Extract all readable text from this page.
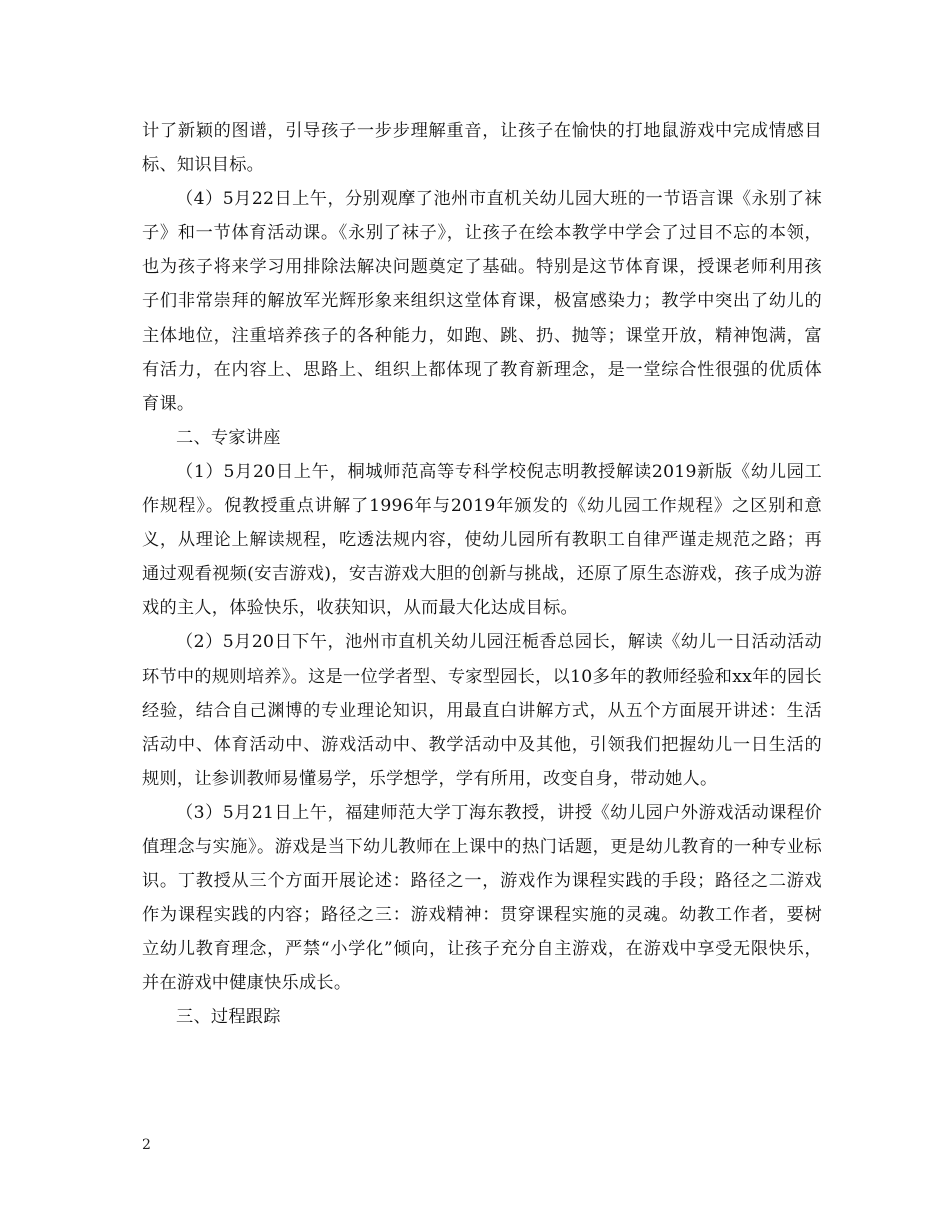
计了新颖的图谱，引导孩子一步步理解重音，让孩子在愉快的打地鼠游戏中完成情感目标、知识目标。

（4）5月22日上午，分别观摩了池州市直机关幼儿园大班的一节语言课《永别了袜子》和一节体育活动课。《永别了袜子》，让孩子在绘本教学中学会了过目不忘的本领，也为孩子将来学习用排除法解决问题奠定了基础。特别是这节体育课，授课老师利用孩子们非常崇拜的解放军光辉形象来组织这堂体育课，极富感染力；教学中突出了幼儿的主体地位，注重培养孩子的各种能力，如跑、跳、扔、抛等；课堂开放，精神饱满，富有活力，在内容上、思路上、组织上都体现了教育新理念，是一堂综合性很强的优质体育课。

二、专家讲座

（1）5月20日上午，桐城师范高等专科学校倪志明教授解读2019新版《幼儿园工作规程》。倪教授重点讲解了1996年与2019年颁发的《幼儿园工作规程》之区别和意义，从理论上解读规程，吃透法规内容，使幼儿园所有教职工自律严谨走规范之路；再通过观看视频(安吉游戏)，安吉游戏大胆的创新与挑战，还原了原生态游戏，孩子成为游戏的主人，体验快乐，收获知识，从而最大化达成目标。

（2）5月20日下午，池州市直机关幼儿园汪栀香总园长，解读《幼儿一日活动活动环节中的规则培养》。这是一位学者型、专家型园长，以10多年的教师经验和xx年的园长经验，结合自己渊博的专业理论知识，用最直白讲解方式，从五个方面展开讲述：生活活动中、体育活动中、游戏活动中、教学活动中及其他，引领我们把握幼儿一日生活的规则，让参训教师易懂易学，乐学想学，学有所用，改变自身，带动她人。

（3）5月21日上午，福建师范大学丁海东教授，讲授《幼儿园户外游戏活动课程价值理念与实施》。游戏是当下幼儿教师在上课中的热门话题，更是幼儿教育的一种专业标识。丁教授从三个方面开展论述：路径之一，游戏作为课程实践的手段；路径之二游戏作为课程实践的内容；路径之三：游戏精神：贯穿课程实施的灵魂。幼教工作者，要树立幼儿教育理念，严禁“小学化”倾向，让孩子充分自主游戏，在游戏中享受无限快乐，并在游戏中健康快乐成长。

三、过程跟踪

2
